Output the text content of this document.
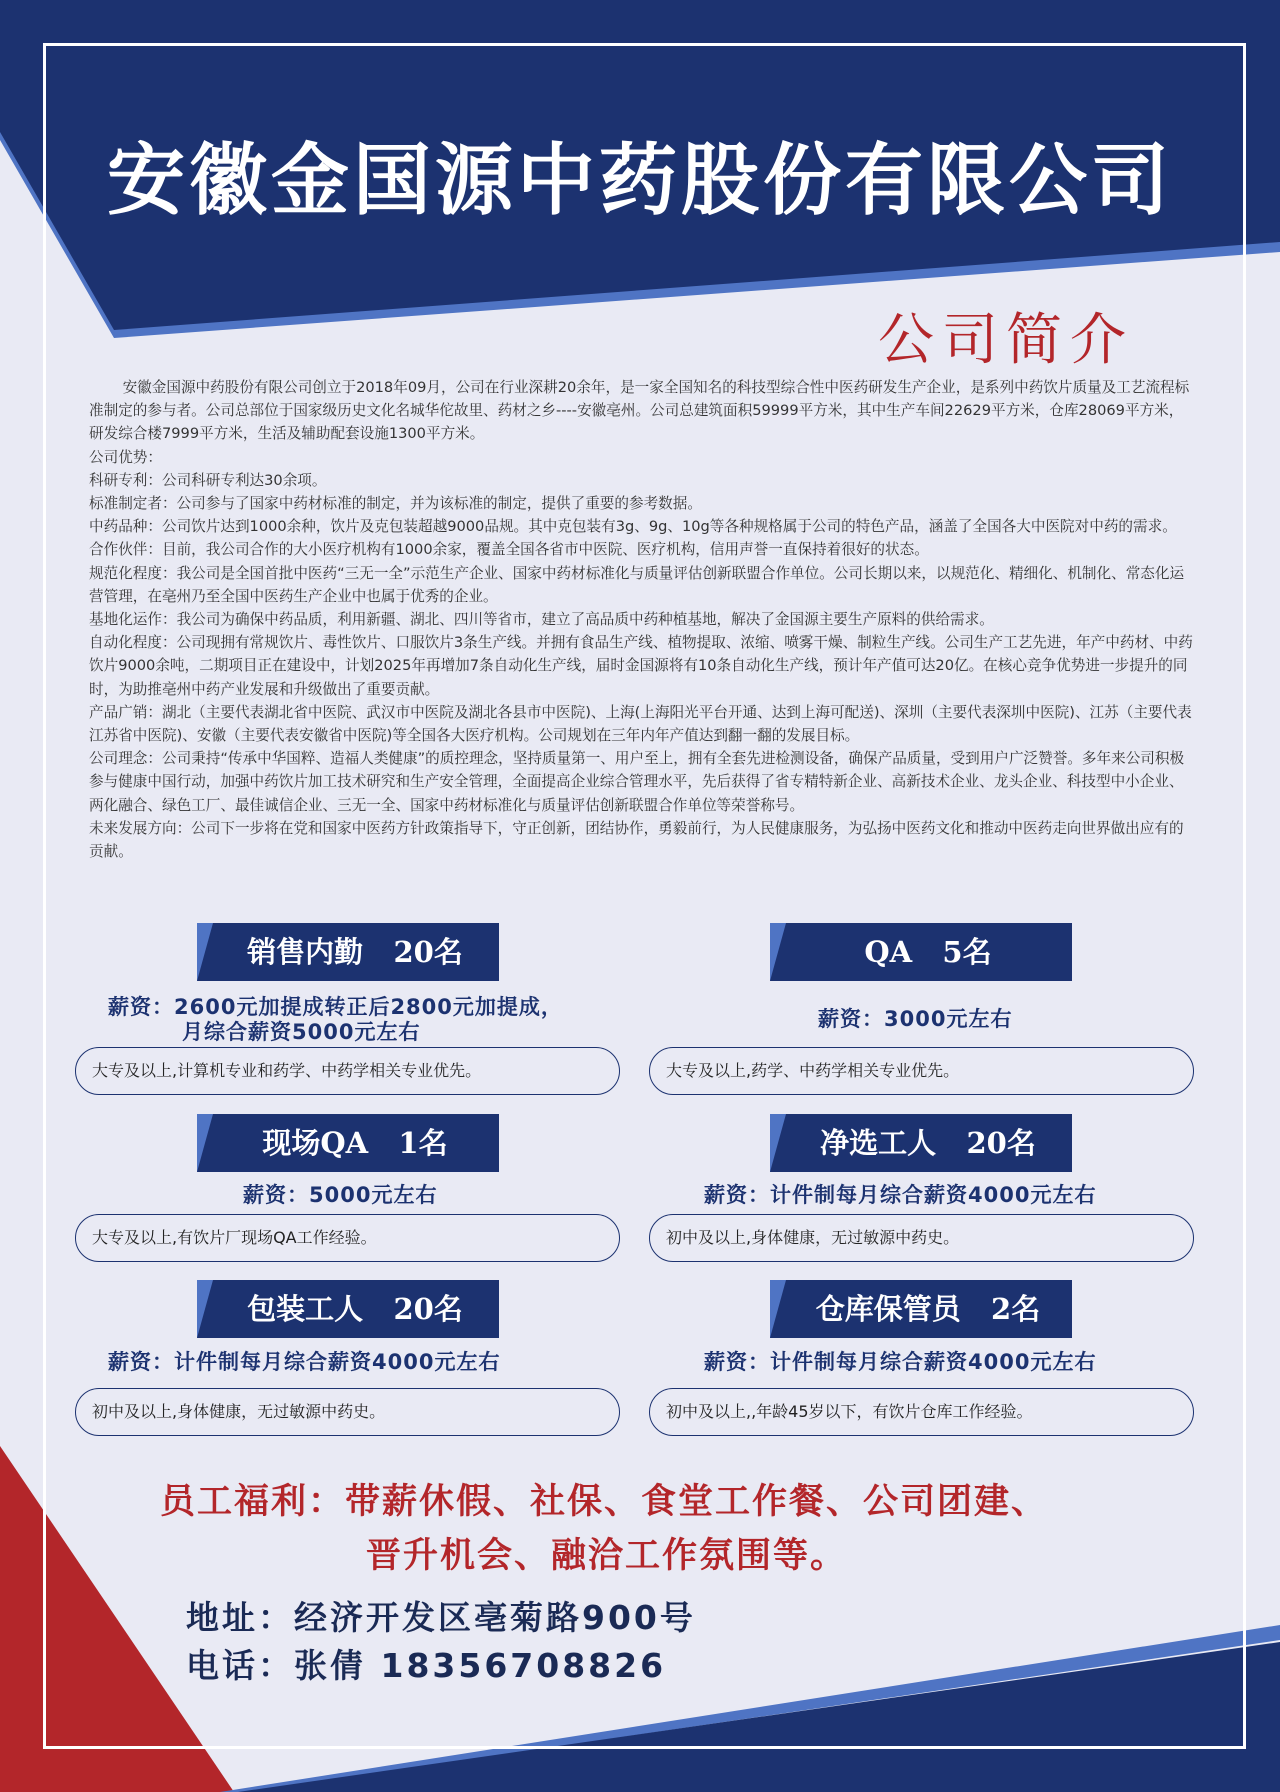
安徽金国源中药股份有限公司
公司简介

安徽金国源中药股份有限公司创立于2018年09月，公司在行业深耕20余年，是一家全国知名的科技型综合性中医药研发生产企业，是系列中药饮片质量及工艺流程标准制定的参与者。公司总部位于国家级历史文化名城华佗故里、药材之乡----安徽亳州。公司总建筑面积59999平方米，其中生产车间22629平方米，仓库28069平方米，研发综合楼7999平方米，生活及辅助配套设施1300平方米。

公司优势：

科研专利：公司科研专利达30余项。

标准制定者：公司参与了国家中药材标准的制定，并为该标准的制定，提供了重要的参考数据。

中药品种：公司饮片达到1000余种，饮片及克包装超越9000品规。其中克包装有3g、9g、10g等各种规格属于公司的特色产品，涵盖了全国各大中医院对中药的需求。

合作伙伴：目前，我公司合作的大小医疗机构有1000余家，覆盖全国各省市中医院、医疗机构，信用声誉一直保持着很好的状态。

规范化程度：我公司是全国首批中医药“三无一全”示范生产企业、国家中药材标准化与质量评估创新联盟合作单位。公司长期以来，以规范化、精细化、机制化、常态化运营管理，在亳州乃至全国中医药生产企业中也属于优秀的企业。

基地化运作：我公司为确保中药品质，利用新疆、湖北、四川等省市，建立了高品质中药种植基地，解决了金国源主要生产原料的供给需求。

自动化程度：公司现拥有常规饮片、毒性饮片、口服饮片3条生产线。并拥有食品生产线、植物提取、浓缩、喷雾干燥、制粒生产线。公司生产工艺先进，年产中药材、中药饮片9000余吨，二期项目正在建设中，计划2025年再增加7条自动化生产线，届时金国源将有10条自动化生产线，预计年产值可达20亿。在核心竞争优势进一步提升的同时，为助推亳州中药产业发展和升级做出了重要贡献。

产品广销：湖北（主要代表湖北省中医院、武汉市中医院及湖北各县市中医院)、上海(上海阳光平台开通、达到上海可配送)、深圳（主要代表深圳中医院)、江苏（主要代表江苏省中医院)、安徽（主要代表安徽省中医院)等全国各大医疗机构。公司规划在三年内年产值达到翻一翻的发展目标。

公司理念：公司秉持“传承中华国粹、造福人类健康”的质控理念，坚持质量第一、用户至上，拥有全套先进检测设备，确保产品质量，受到用户广泛赞誉。多年来公司积极参与健康中国行动，加强中药饮片加工技术研究和生产安全管理，全面提高企业综合管理水平，先后获得了省专精特新企业、高新技术企业、龙头企业、科技型中小企业、两化融合、绿色工厂、最佳诚信企业、三无一全、国家中药材标准化与质量评估创新联盟合作单位等荣誉称号。

未来发展方向：公司下一步将在党和国家中医药方针政策指导下，守正创新，团结协作，勇毅前行，为人民健康服务，为弘扬中医药文化和推动中医药走向世界做出应有的贡献。

销售内勤   20名
薪资：2600元加提成转正后2800元加提成，
月综合薪资5000元左右
大专及以上,计算机专业和药学、中药学相关专业优先。
QA   5名
薪资：3000元左右
大专及以上,药学、中药学相关专业优先。
现场QA   1名
薪资：5000元左右
大专及以上,有饮片厂现场QA工作经验。
净选工人   20名
薪资：计件制每月综合薪资4000元左右
初中及以上,身体健康，无过敏源中药史。
包装工人   20名
薪资：计件制每月综合薪资4000元左右
初中及以上,身体健康，无过敏源中药史。
仓库保管员   2名
薪资：计件制每月综合薪资4000元左右
初中及以上,,年龄45岁以下，有饮片仓库工作经验。
员工福利：带薪休假、社保、食堂工作餐、公司团建、
晋升机会、融洽工作氛围等。
地址：经济开发区亳菊路900号
电话：张倩 18356708826
